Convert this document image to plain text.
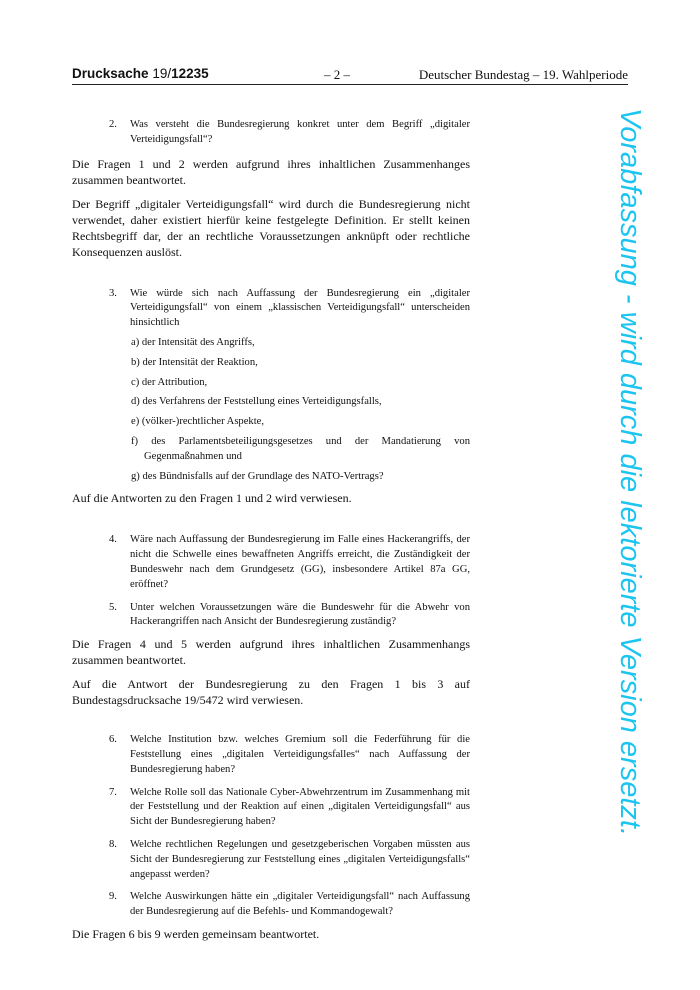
Drucksache 19/12235	– 2 –	Deutscher Bundestag – 19. Wahlperiode

2. Was versteht die Bundesregierung konkret unter dem Begriff „digitaler Verteidigungsfall“?

Die Fragen 1 und 2 werden aufgrund ihres inhaltlichen Zusammenhanges zusammen beantwortet.

Der Begriff „digitaler Verteidigungsfall“ wird durch die Bundesregierung nicht verwendet, daher existiert hierfür keine festgelegte Definition. Er stellt keinen Rechtsbegriff dar, der an rechtliche Voraussetzungen anknüpft oder rechtliche Konsequenzen auslöst.

3. Wie würde sich nach Auffassung der Bundesregierung ein „digitaler Verteidigungsfall“ von einem „klassischen Verteidigungsfall“ unterscheiden hinsichtlich

a) der Intensität des Angriffs,

b) der Intensität der Reaktion,

c) der Attribution,

d) des Verfahrens der Feststellung eines Verteidigungsfalls,

e) (völker-)rechtlicher Aspekte,

f) des Parlamentsbeteiligungsgesetzes und der Mandatierung von Gegenmaßnahmen und

g) des Bündnisfalls auf der Grundlage des NATO-Vertrags?

Auf die Antworten zu den Fragen 1 und 2 wird verwiesen.

4. Wäre nach Auffassung der Bundesregierung im Falle eines Hackerangriffs, der nicht die Schwelle eines bewaffneten Angriffs erreicht, die Zuständigkeit der Bundeswehr nach dem Grundgesetz (GG), insbesondere Artikel 87a GG, eröffnet?

5. Unter welchen Voraussetzungen wäre die Bundeswehr für die Abwehr von Hackerangriffen nach Ansicht der Bundesregierung zuständig?

Die Fragen 4 und 5 werden aufgrund ihres inhaltlichen Zusammenhangs zusammen beantwortet.

Auf die Antwort der Bundesregierung zu den Fragen 1 bis 3 auf Bundestagsdrucksache 19/5472 wird verwiesen.

6. Welche Institution bzw. welches Gremium soll die Federführung für die Feststellung eines „digitalen Verteidigungsfalles“ nach Auffassung der Bundesregierung haben?

7. Welche Rolle soll das Nationale Cyber-Abwehrzentrum im Zusammenhang mit der Feststellung und der Reaktion auf einen „digitalen Verteidigungsfall“ aus Sicht der Bundesregierung haben?

8. Welche rechtlichen Regelungen und gesetzgeberischen Vorgaben müssten aus Sicht der Bundesregierung zur Feststellung eines „digitalen Verteidigungsfalls“ angepasst werden?

9. Welche Auswirkungen hätte ein „digitaler Verteidigungsfall“ nach Auffassung der Bundesregierung auf die Befehls- und Kommandogewalt?

Die Fragen 6 bis 9 werden gemeinsam beantwortet.

Vorabfassung - wird durch die lektorierte Version ersetzt.
